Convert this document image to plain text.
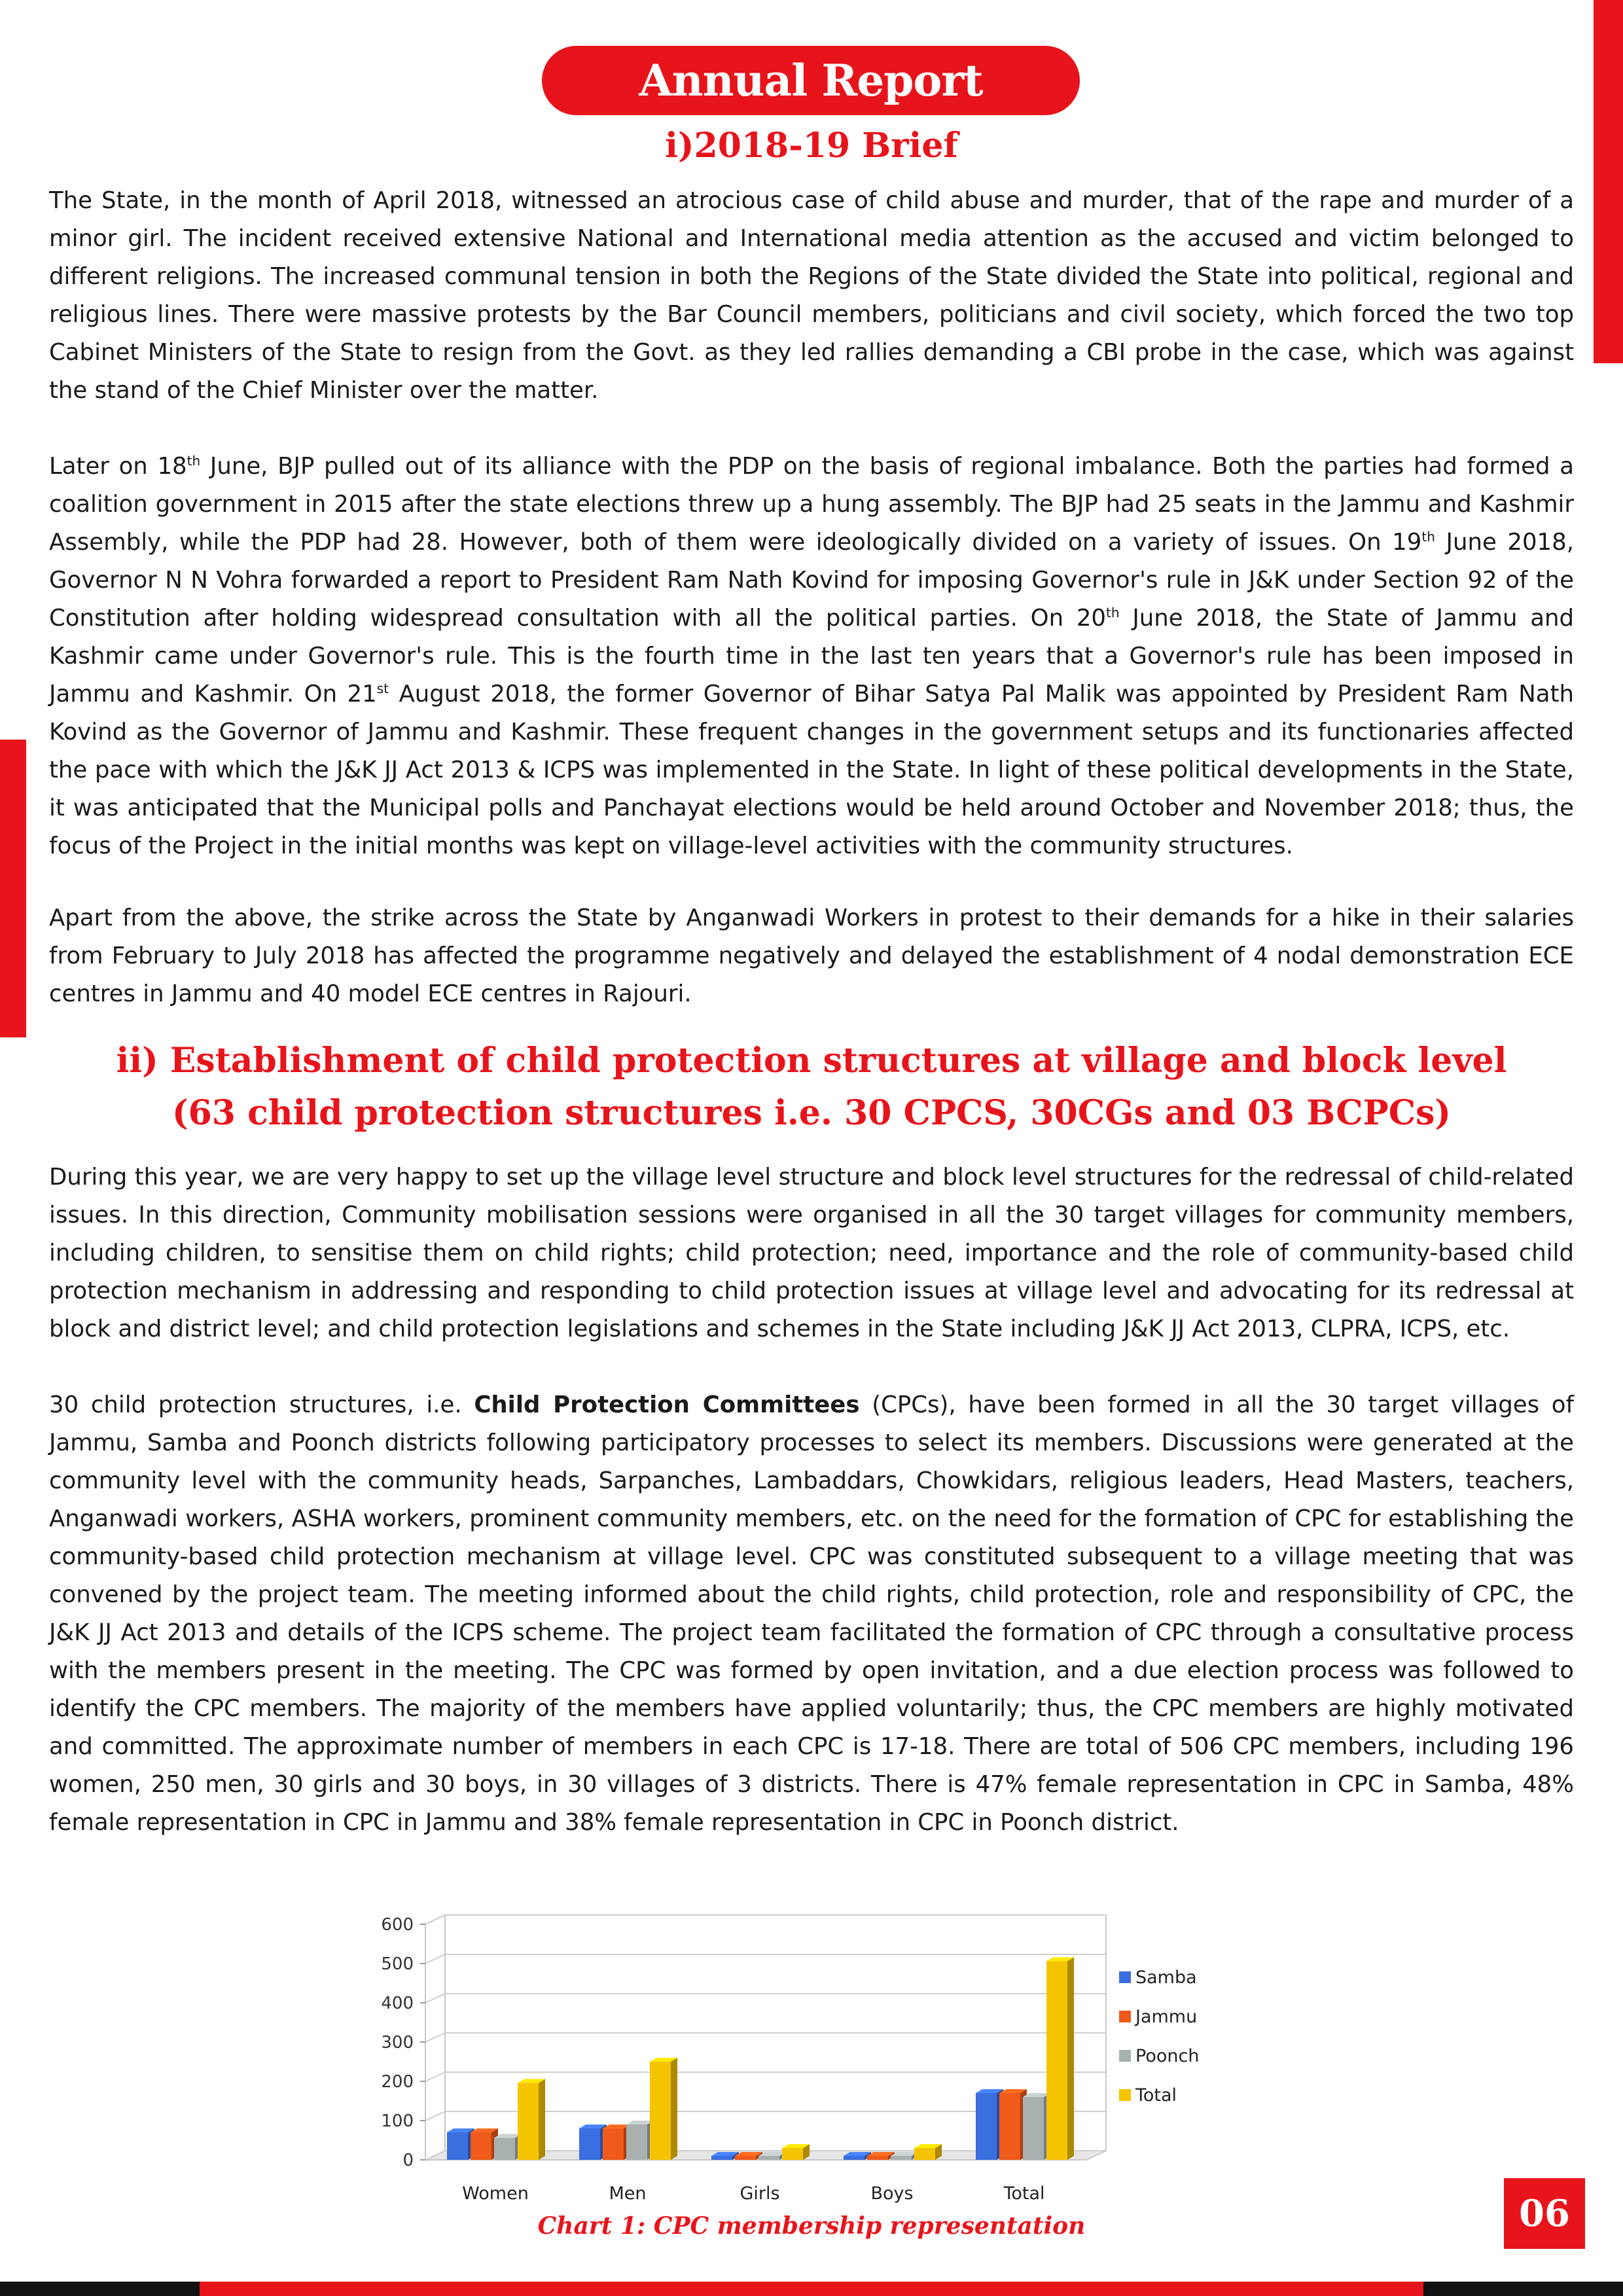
Annual Report
i)2018-19 Brief

The State, in the month of April 2018, witnessed an atrocious case of child abuse and murder, that of the rape and murder of a minor girl. The incident received extensive National and International media attention as the accused and victim belonged to different religions. The increased communal tension in both the Regions of the State divided the State into political, regional and religious lines. There were massive protests by the Bar Council members, politicians and civil society, which forced the two top Cabinet Ministers of the State to resign from the Govt. as they led rallies demanding a CBI probe in the case, which was against the stand of the Chief Minister over the matter.

Later on 18th June, BJP pulled out of its alliance with the PDP on the basis of regional imbalance. Both the parties had formed a coalition government in 2015 after the state elections threw up a hung assembly. The BJP had 25 seats in the Jammu and Kashmir Assembly, while the PDP had 28. However, both of them were ideologically divided on a variety of issues. On 19th June 2018, Governor N N Vohra forwarded a report to President Ram Nath Kovind for imposing Governor's rule in J&K under Section 92 of the Constitution after holding widespread consultation with all the political parties. On 20th June 2018, the State of Jammu and Kashmir came under Governor's rule. This is the fourth time in the last ten years that a Governor's rule has been imposed in Jammu and Kashmir. On 21st August 2018, the former Governor of Bihar Satya Pal Malik was appointed by President Ram Nath Kovind as the Governor of Jammu and Kashmir. These frequent changes in the government setups and its functionaries affected the pace with which the J&K JJ Act 2013 & ICPS was implemented in the State. In light of these political developments in the State, it was anticipated that the Municipal polls and Panchayat elections would be held around October and November 2018; thus, the focus of the Project in the initial months was kept on village-level activities with the community structures.

Apart from the above, the strike across the State by Anganwadi Workers in protest to their demands for a hike in their salaries from February to July 2018 has affected the programme negatively and delayed the establishment of 4 nodal demonstration ECE centres in Jammu and 40 model ECE centres in Rajouri.

ii) Establishment of child protection structures at village and block level
(63 child protection structures i.e. 30 CPCS, 30CGs and 03 BCPCs)

During this year, we are very happy to set up the village level structure and block level structures for the redressal of child-related issues. In this direction, Community mobilisation sessions were organised in all the 30 target villages for community members, including children, to sensitise them on child rights; child protection; need, importance and the role of community-based child protection mechanism in addressing and responding to child protection issues at village level and advocating for its redressal at block and district level; and child protection legislations and schemes in the State including J&K JJ Act 2013, CLPRA, ICPS, etc.

30 child protection structures, i.e. Child Protection Committees (CPCs), have been formed in all the 30 target villages of Jammu, Samba and Poonch districts following participatory processes to select its members. Discussions were generated at the community level with the community heads, Sarpanches, Lambaddars, Chowkidars, religious leaders, Head Masters, teachers, Anganwadi workers, ASHA workers, prominent community members, etc. on the need for the formation of CPC for establishing the community-based child protection mechanism at village level. CPC was constituted subsequent to a village meeting that was convened by the project team. The meeting informed about the child rights, child protection, role and responsibility of CPC, the J&K JJ Act 2013 and details of the ICPS scheme. The project team facilitated the formation of CPC through a consultative process with the members present in the meeting. The CPC was formed by open invitation, and a due election process was followed to identify the CPC members. The majority of the members have applied voluntarily; thus, the CPC members are highly motivated and committed. The approximate number of members in each CPC is 17-18. There are total of 506 CPC members, including 196 women, 250 men, 30 girls and 30 boys, in 30 villages of 3 districts. There is 47% female representation in CPC in Samba, 48% female representation in CPC in Jammu and 38% female representation in CPC in Poonch district.

0
100
200
300
400
500
600
Women	Men	Girls	Boys	Total
Samba
Jammu
Poonch
Total
Chart 1: CPC membership representation	06
